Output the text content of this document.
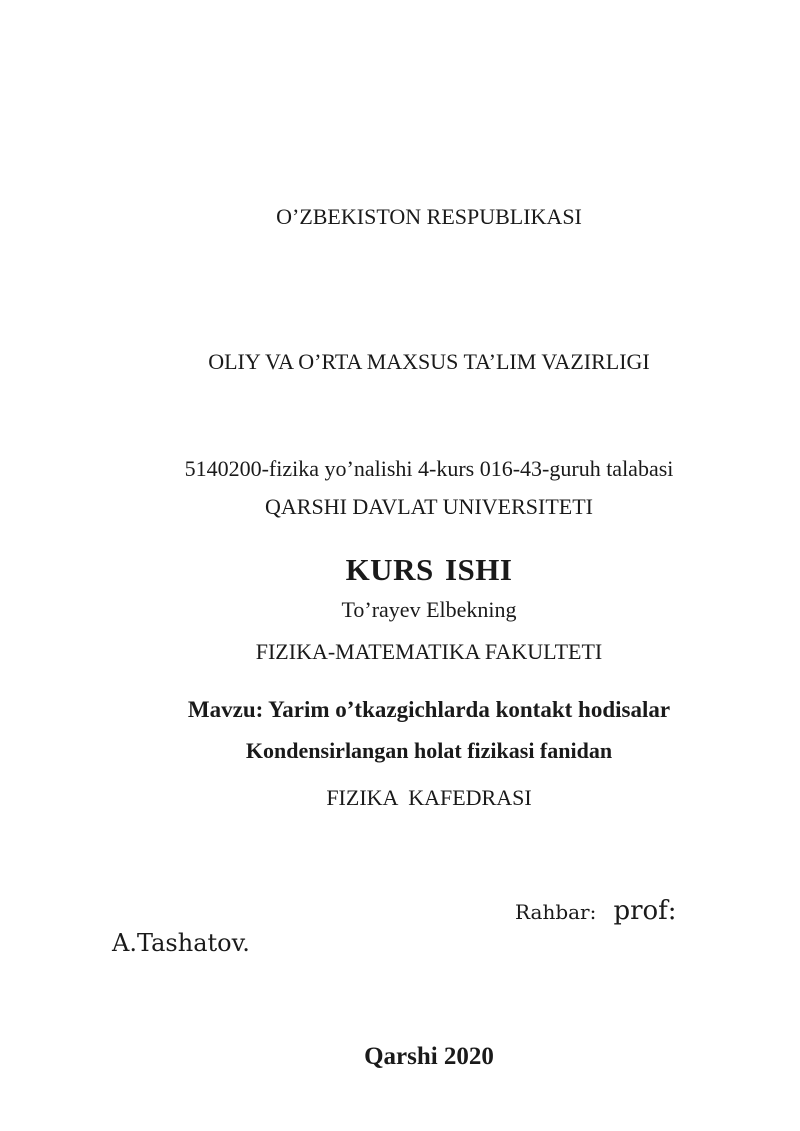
O’ZBEKISTON RESPUBLIKASI

OLIY VA O’RTA MAXSUS TA’LIM VAZIRLIGI

QARSHI DAVLAT UNIVERSITETI

FIZIKA-MATEMATIKA FAKULTETI

FIZIKA  KAFEDRASI

5140200-fizika yo’nalishi 4-kurs 016-43-guruh talabasi

To’rayev Elbekning

Kondensirlangan holat fizikasi fanidan

KURS ISHI
Mavzu: Yarim o’tkazgichlarda kontakt hodisalar
Rahbar: prof:
A.Tashatov.
Qarshi 2020
